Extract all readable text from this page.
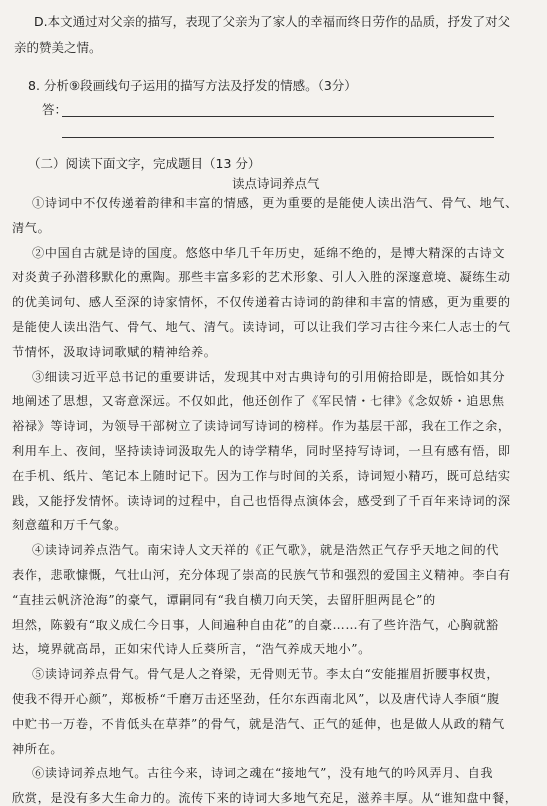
D.本文通过对父亲的描写，表现了父亲为了家人的幸福而终日劳作的品质，抒发了对父
亲的赞美之情。
8. 分析⑨段画线句子运用的描写方法及抒发的情感。（3分）
答：
（二）阅读下面文字，完成题目（13 分）
读点诗词养点气
①诗词中不仅传递着韵律和丰富的情感，更为重要的是能使人读出浩气、骨气、地气、
清气。
②中国自古就是诗的国度。悠悠中华几千年历史，延绵不绝的，是博大精深的古诗文
对炎黄子孙潜移默化的熏陶。那些丰富多彩的艺术形象、引人入胜的深邃意境、凝练生动
的优美词句、感人至深的诗家情怀，不仅传递着古诗词的韵律和丰富的情感，更为重要的
是能使人读出浩气、骨气、地气、清气。读诗词，可以让我们学习古往今来仁人志士的气
节情怀，汲取诗词歌赋的精神给养。
③细读习近平总书记的重要讲话，发现其中对古典诗句的引用俯拾即是，既恰如其分
地阐述了思想，又寄意深远。不仅如此，他还创作了《军民情・七律》《念奴娇・追思焦
裕禄》等诗词，为领导干部树立了读诗词写诗词的榜样。作为基层干部，我在工作之余，
利用车上、夜间，坚持读诗词汲取先人的诗学精华，同时坚持写诗词，一旦有感有悟，即
在手机、纸片、笔记本上随时记下。因为工作与时间的关系，诗词短小精巧，既可总结实
践，又能抒发情怀。读诗词的过程中，自己也悟得点演体会，感受到了千百年来诗词的深
刻意蕴和万千气象。
④读诗词养点浩气。南宋诗人文天祥的《正气歌》，就是浩然正气存乎天地之间的代
表作，悲歌慷慨，气壮山河，充分体现了崇高的民族气节和强烈的爱国主义精神。李白有
“直挂云帆济沧海”的豪气，谭嗣同有“我自横刀向天笑，去留肝胆两昆仑”的
坦然，陈毅有“取义成仁今日事，人间遍种自由花”的自豪……有了些许浩气，心胸就豁
达，境界就高昂，正如宋代诗人丘葵所言，“浩气养成天地小”。
⑤读诗词养点骨气。骨气是人之脊梁，无骨则无节。李太白“安能摧眉折腰事权贵，
使我不得开心颜”，郑板桥“千磨万击还坚劲，任尔东西南北风”，以及唐代诗人李頎“腹
中贮书一万卷，不肯低头在草莽”的骨气，就是浩气、正气的延伸，也是做人从政的精气
神所在。
⑥读诗词养点地气。古往今来，诗词之魂在“接地气”，没有地气的吟风弄月、自我
欣赏，是没有多大生命力的。流传下来的诗词大多地气充足，滋养丰厚。从“谁知盘中餐，
